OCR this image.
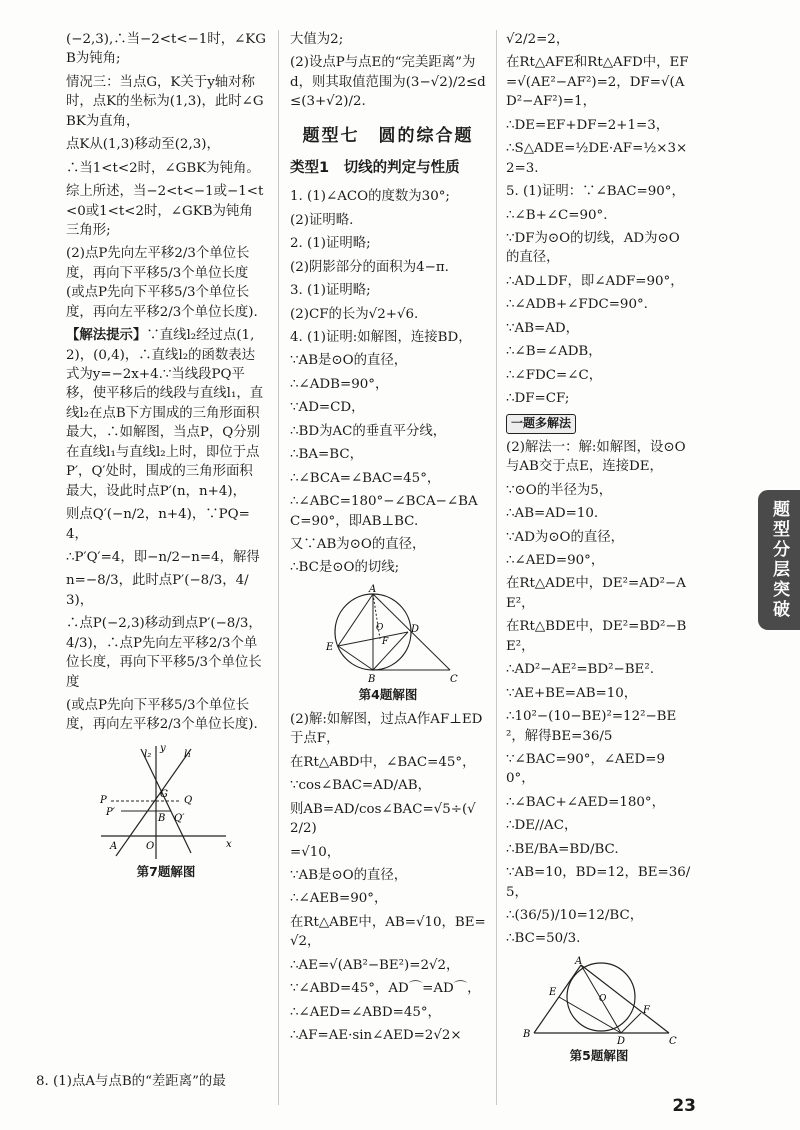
(−2,3),∴当−2<t<−1时，∠KGB为钝角;
情况三：当点G，K关于y轴对称时，点K的坐标为(1,3)，此时∠GBK为直角，
点K从(1,3)移动至(2,3)，
∴当1<t<2时，∠GBK为钝角。
综上所述，当−2<t<−1或−1<t<0或1<t<2时，∠GKB为钝角三角形;
(2)点P先向左平移2/3个单位长度，再向下平移5/3个单位长度(或点P先向下平移5/3个单位长度，再向左平移2/3个单位长度).
【解法提示】∵直线l₂经过点(1,2)，(0,4)，∴直线l₂的函数表达式为y=−2x+4.∵当线段PQ平移，使平移后的线段与直线l₁，直线l₂在点B下方围成的三角形面积最大，∴如解图，当点P，Q分别在直线l₁与直线l₂上时，即位于点P′，Q′处时，围成的三角形面积最大，设此时点P′(n，n+4)，
则点Q′(−n/2，n+4)，∵PQ=4，
∴P′Q′=4，即−n/2−n=4，解得
n=−8/3，此时点P′(−8/3，4/3)，
∴点P(−2,3)移动到点P′(−8/3，4/3)，∴点P先向左平移2/3个单位长度，再向下平移5/3个单位长度
(或点P先向下平移5/3个单位长度，再向左平移2/3个单位长度).
l₂	l₁
P
P′
Q
Q′
G
B
A	O
y
x
第7题解图
8. (1)点A与点B的“差距离”的最
大值为2;
(2)设点P与点E的“完美距离”为d，则其取值范围为(3−√2)/2≤d≤(3+√2)/2.
题型七　圆的综合题
类型1　切线的判定与性质
1. (1)∠ACO的度数为30°;
(2)证明略.
2. (1)证明略;
(2)阴影部分的面积为4−π.
3. (1)证明略;
(2)CF的长为√2+√6.
4. (1)证明:如解图，连接BD，
∵AB是⊙O的直径，
∴∠ADB=90°，
∵AD=CD，
∴BD为AC的垂直平分线，
∴BA=BC，
∴∠BCA=∠BAC=45°，
∴∠ABC=180°−∠BCA−∠BAC=90°，即AB⊥BC.
又∵AB为⊙O的直径，
∴BC是⊙O的切线;
A
D
F
E
B	C
O
第4题解图
(2)解:如解图，过点A作AF⊥ED于点F，
在Rt△ABD中，∠BAC=45°，
∵cos∠BAC=AD/AB，
则AB=AD/cos∠BAC=√5÷(√2/2)
=√10，
∵AB是⊙O的直径，
∴∠AEB=90°，
在Rt△ABE中，AB=√10，BE=√2，
∴AE=√(AB²−BE²)=2√2，
∵∠ABD=45°，AD⌒=AD⌒，
∴∠AED=∠ABD=45°，
∴AF=AE·sin∠AED=2√2×
√2/2=2，
在Rt△AFE和Rt△AFD中，EF=√(AE²−AF²)=2，DF=√(AD²−AF²)=1，
∴DE=EF+DF=2+1=3，
∴S△ADE=½DE·AF=½×3×2=3.
5. (1)证明：∵∠BAC=90°，
∴∠B+∠C=90°.
∵DF为⊙O的切线，AD为⊙O的直径，
∴AD⊥DF，即∠ADF=90°，
∴∠ADB+∠FDC=90°.
∵AB=AD，
∴∠B=∠ADB，
∴∠FDC=∠C，
∴DF=CF;
一题多解法
(2)解法一：解:如解图，设⊙O与AB交于点E，连接DE，
∵⊙O的半径为5，
∴AB=AD=10.
∵AD为⊙O的直径，
∴∠AED=90°，
在Rt△ADE中，DE²=AD²−AE²，
在Rt△BDE中，DE²=BD²−BE²，
∴AD²−AE²=BD²−BE².
∵AE+BE=AB=10，
∴10²−(10−BE)²=12²−BE²，解得BE=36/5
∵∠BAC=90°，∠AED=90°，
∴∠BAC+∠AED=180°，
∴DE//AC，
∴BE/BA=BD/BC.
∵AB=10，BD=12，BE=36/5，
∴(36/5)/10=12/BC，
∴BC=50/3.
A
E
O
F
B
D	C
第5题解图
题型分层突破
23
